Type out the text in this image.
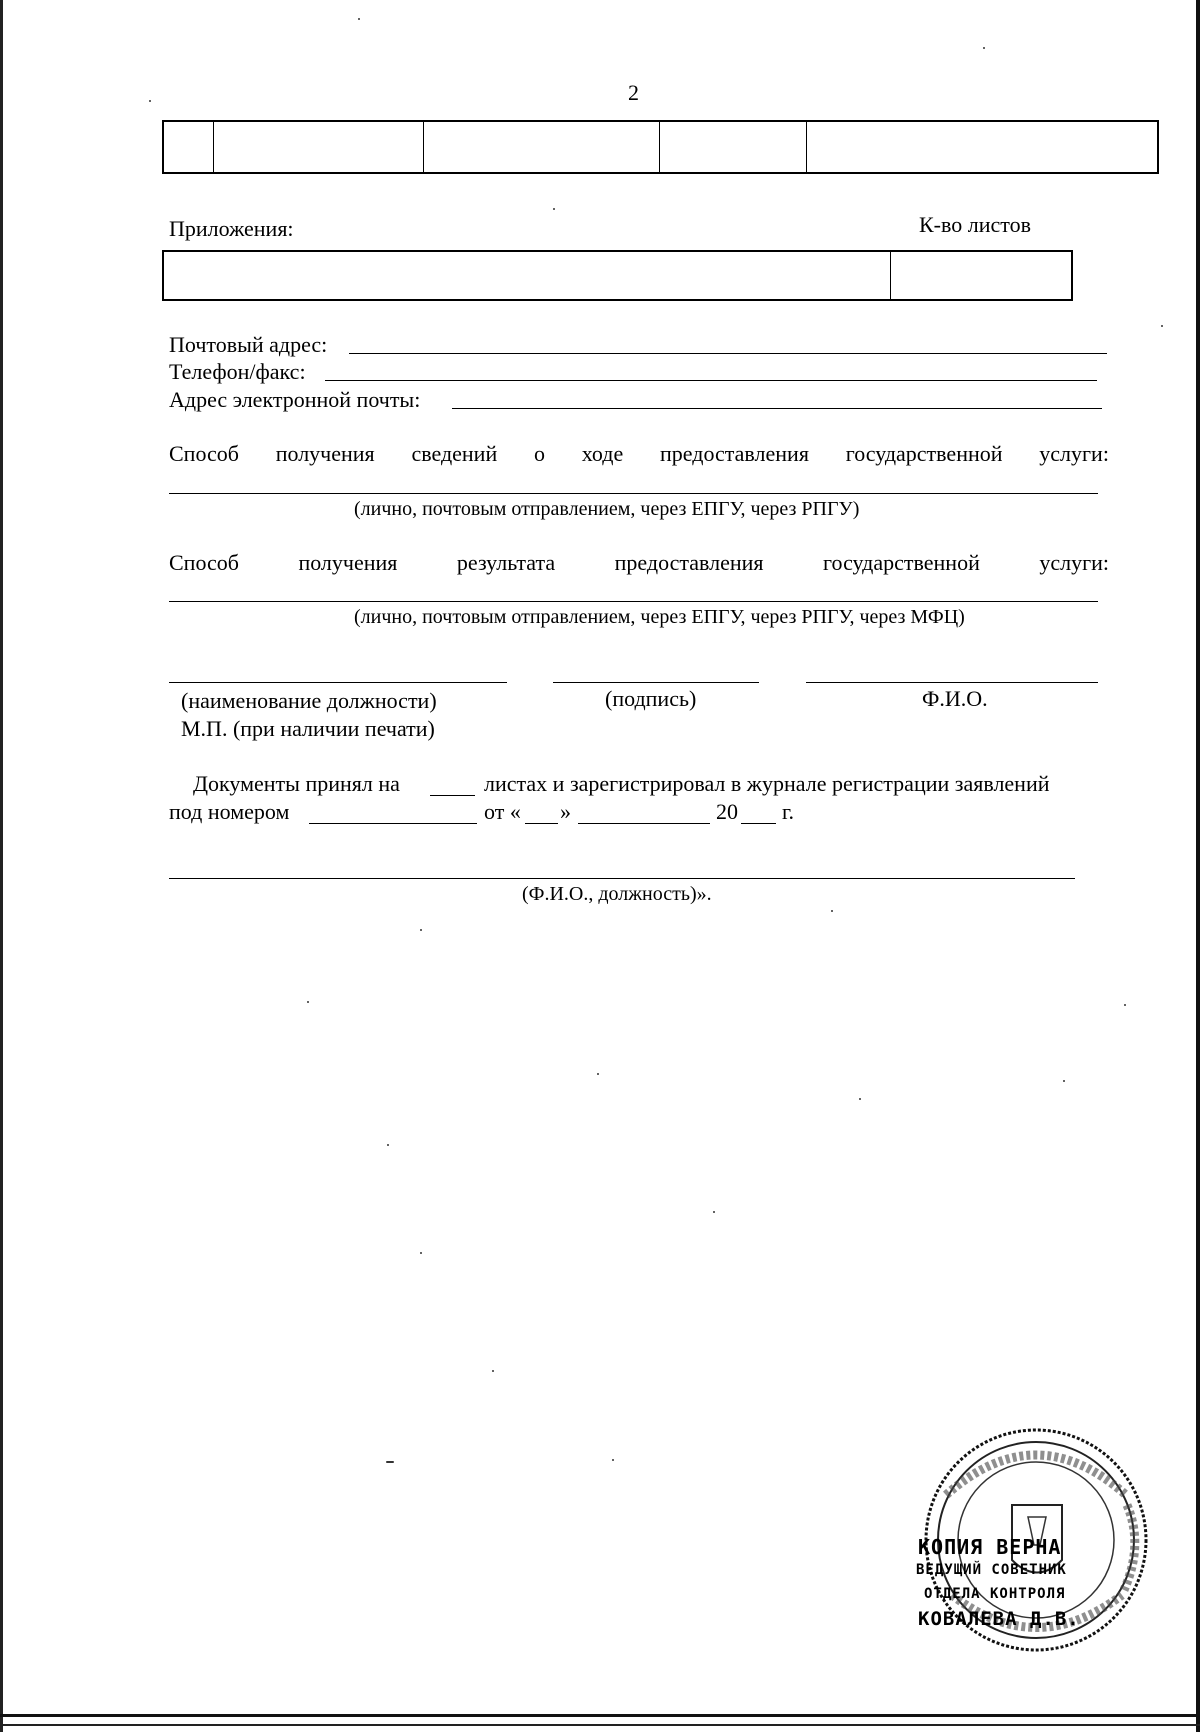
2
Приложения:	К-во листов
Почтовый адрес:
Телефон/факс:
Адрес электронной почты:
Способ получения сведений о ходе предоставления государственной услуги:
(лично, почтовым отправлением, через ЕПГУ, через РПГУ)
Способ	получения	результата	предоставления	государственной	услуги:
(лично, почтовым отправлением, через ЕПГУ, через РПГУ, через МФЦ)
(наименование должности)	(подпись)	Ф.И.О.
М.П. (при наличии печати)
Документы принял на	листах и зарегистрировал в журнале регистрации заявлений
под номером	от « »	20 г.
(Ф.И.О., должность)».
КОПИЯ ВЕРНА
ВЕДУЩИЙ СОВЕТНИК
ОТДЕЛА КОНТРОЛЯ
КОВАЛЕВА Д.В.
